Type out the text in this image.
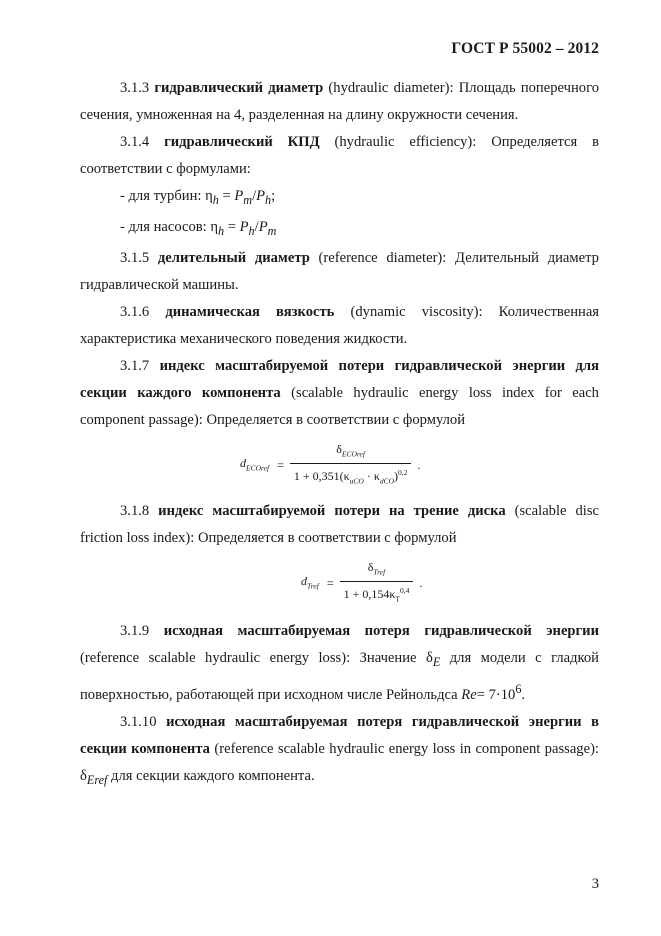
ГОСТ Р 55002 – 2012

3.1.3 гидравлический диаметр (hydraulic diameter): Площадь поперечного сечения, умноженная на 4, разделенная на длину окружности сечения.

3.1.4 гидравлический КПД (hydraulic efficiency): Определяется в соответствии с формулами:

- для турбин: $\eta_h = P_m/P_h$;

- для насосов: $\eta_h = P_h/P_m$

3.1.5 делительный диаметр (reference diameter): Делительный диаметр гидравлической машины.

3.1.6 динамическая вязкость (dynamic viscosity): Количественная характеристика механического поведения жидкости.

3.1.7 индекс масштабируемой потери гидравлической энергии для секции каждого компонента (scalable hydraulic energy loss index for each component passage): Определяется в соответствии с формулой

$d_{ECOref} = \frac{\delta_{ECOref}}{1 + 0,351(\kappa_{uCO} \cdot \kappa_{dCO})^{0,2}}$ .

3.1.8 индекс масштабируемой потери на трение диска (scalable disc friction loss index): Определяется в соответствии с формулой

$d_{Tref} = \frac{\delta_{Tref}}{1 + 0,154\kappa_T^{0,4}}$ .

3.1.9 исходная масштабируемая потеря гидравлической энергии (reference scalable hydraulic energy loss): Значение $\delta_E$ для модели с гладкой поверхностью, работающей при исходном числе Рейнольдса $Re= 7\cdot 10^6$.

3.1.10 исходная масштабируемая потеря гидравлической энергии в секции компонента (reference scalable hydraulic energy loss in component passage): $\delta_{Eref}$ для секции каждого компонента.

3
